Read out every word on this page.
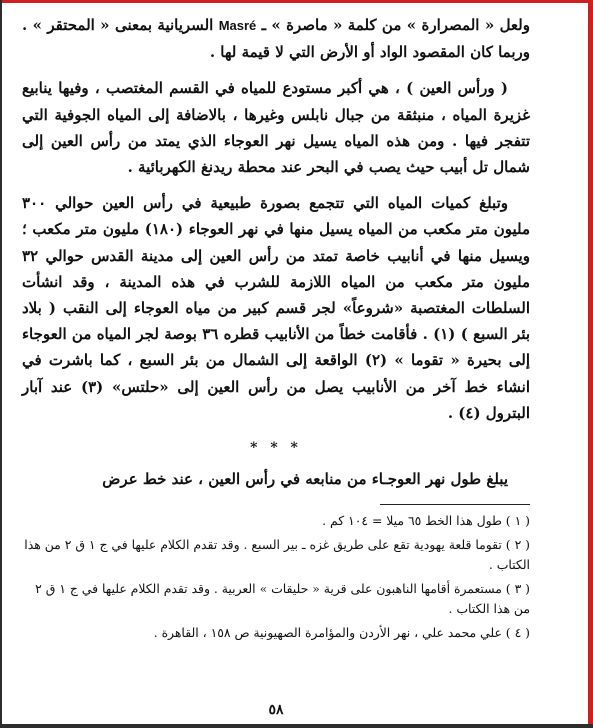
ولعل « المصرارة » من كلمة « ماصرة » ـ Masré السريانية بمعنى « المحتقر » . وربما كان المقصود الواد أو الأرض التي لا قيمة لها .

( ورأس العين ) ، هي أكبر مستودع للمياه في القسم المغتصب ، وفيها ينابيع غزيرة المياه ، منبثقة من جبال نابلس وغيرها ، بالاضافة إلى المياه الجوفية التي تتفجر فيها . ومن هذه المياه يسيل نهر العوجاء الذي يمتد من رأس العين إلى شمال تل أبيب حيث يصب في البحر عند محطة ريدنغ الكهربائية .

وتبلغ كميات المياه التي تتجمع بصورة طبيعية في رأس العين حوالي ٣٠٠ مليون متر مكعب من المياه يسيل منها في نهر العوجاء (١٨٠) مليون متر مكعب ؛ ويسيل منها في أنابيب خاصة تمتد من رأس العين إلى مدينة القدس حوالي ٣٢ مليون متر مكعب من المياه اللازمة للشرب في هذه المدينة ، وقد انشأت السلطات المغتصبة «شروعاً» لجر قسم كبير من مياه العوجاء إلى النقب ( بلاد بئر السبع ) (١) . فأقامت خطاً من الأنابيب قطره ٣٦ بوصة لجر المياه من العوجاء إلى بحيرة « تقوما » (٢) الواقعة إلى الشمال من بئر السبع ، كما باشرت في انشاء خط آخر من الأنابيب يصل من رأس العين إلى «حلتس» (٣) عند آبار البترول (٤) .

* * *

يبلغ طول نهر العوجـاء من منابعه في رأس العين ، عند خط عرض

( ١ ) طول هذا الخط ٦٥ ميلا = ١٠٤ كم .

( ٢ ) تقوما قلعة يهودية تقع على طريق غزه ـ بير السبع . وقد تقدم الكلام عليها في ج ١ ق ٢ من هذا الكتاب .

( ٣ ) مستعمرة أقامها الناهبون على قرية « حليقات » العربية . وقد تقدم الكلام عليها في ج ١ ق ٢ من هذا الكتاب .

( ٤ ) علي محمد علي ، نهر الأردن والمؤامرة الصهيونية ص ١٥٨ ، القاهرة .

٥٨
